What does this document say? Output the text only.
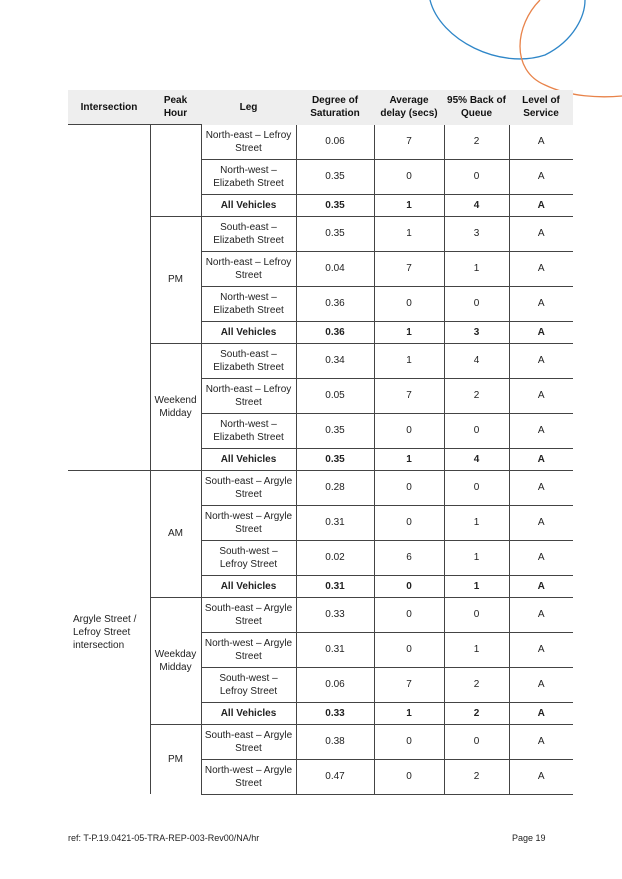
Intersection	Peak Hour	Leg	Degree of Saturation	Average delay (secs)	95% Back of Queue	Level of Service
		North-east – Lefroy Street	0.06	7	2	A
		North-west – Elizabeth Street	0.35	0	0	A
		All Vehicles	0.35	1	4	A
	PM	South-east – Elizabeth Street	0.35	1	3	A
		North-east – Lefroy Street	0.04	7	1	A
		North-west – Elizabeth Street	0.36	0	0	A
		All Vehicles	0.36	1	3	A
	Weekend Midday	South-east – Elizabeth Street	0.34	1	4	A
		North-east – Lefroy Street	0.05	7	2	A
		North-west – Elizabeth Street	0.35	0	0	A
		All Vehicles	0.35	1	4	A
Argyle Street / Lefroy Street intersection	AM	South-east – Argyle Street	0.28	0	0	A
		North-west – Argyle Street	0.31	0	1	A
		South-west – Lefroy Street	0.02	6	1	A
		All Vehicles	0.31	0	1	A
	Weekday Midday	South-east – Argyle Street	0.33	0	0	A
		North-west – Argyle Street	0.31	0	1	A
		South-west – Lefroy Street	0.06	7	2	A
		All Vehicles	0.33	1	2	A
	PM	South-east – Argyle Street	0.38	0	0	A
		North-west – Argyle Street	0.47	0	2	A
ref: T-P.19.0421-05-TRA-REP-003-Rev00/NA/hr	Page 19
